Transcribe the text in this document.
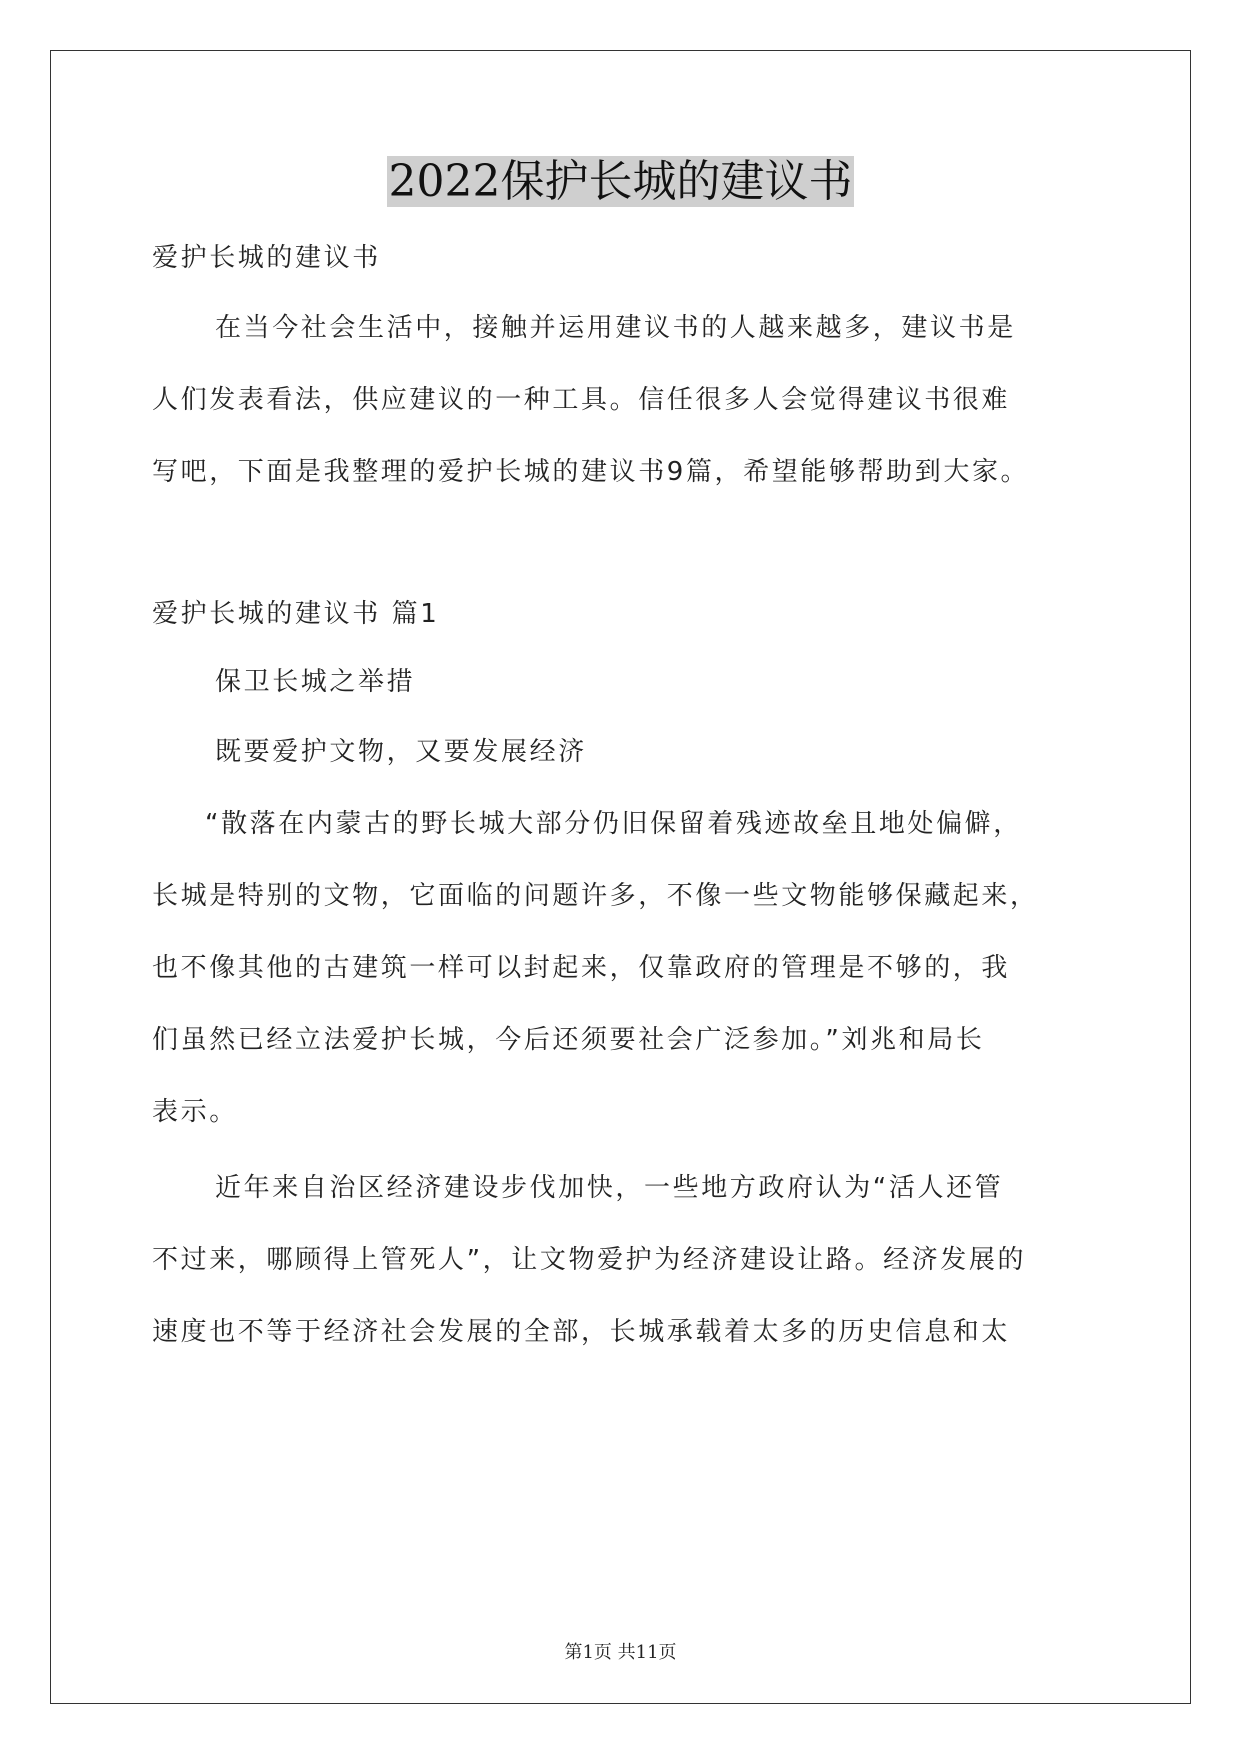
2022保护长城的建议书
爱护长城的建议书
在当今社会生活中，接触并运用建议书的人越来越多，建议书是
人们发表看法，供应建议的一种工具。信任很多人会觉得建议书很难
写吧，下面是我整理的爱护长城的建议书9篇，希望能够帮助到大家。
爱护长城的建议书 篇1
保卫长城之举措
既要爱护文物，又要发展经济
“散落在内蒙古的野长城大部分仍旧保留着残迹故垒且地处偏僻，
长城是特别的文物，它面临的问题许多，不像一些文物能够保藏起来，
也不像其他的古建筑一样可以封起来，仅靠政府的管理是不够的，我
们虽然已经立法爱护长城，今后还须要社会广泛参加。”刘兆和局长
表示。
近年来自治区经济建设步伐加快，一些地方政府认为“活人还管
不过来，哪顾得上管死人”，让文物爱护为经济建设让路。经济发展的
速度也不等于经济社会发展的全部，长城承载着太多的历史信息和太
第1页 共11页
